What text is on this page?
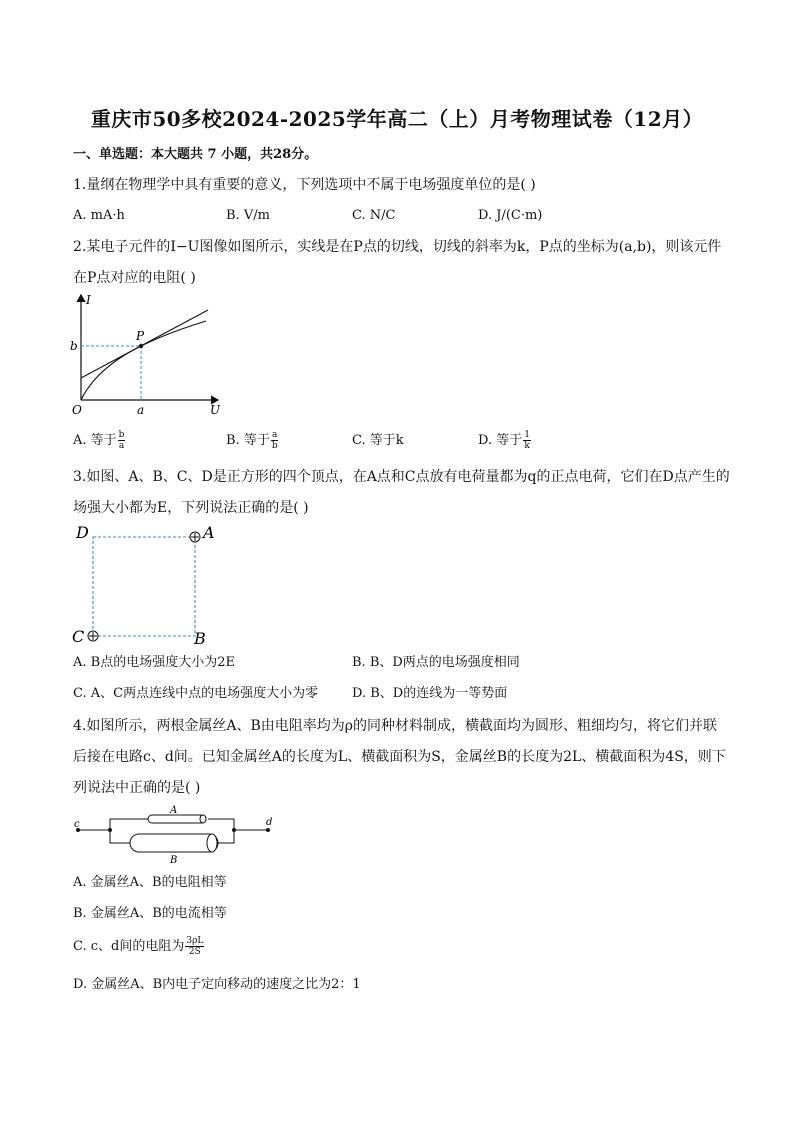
重庆市50多校2024-2025学年高二（上）月考物理试卷（12月）
一、单选题：本大题共 7 小题，共28分。
1.量纲在物理学中具有重要的意义，下列选项中不属于电场强度单位的是( )
A. mA·h	B. V/m	C. N/C	D. J/(C·m)
2.某电子元件的I−U图像如图所示，实线是在P点的切线，切线的斜率为k，P点的坐标为(a,b)，则该元件
在P点对应的电阻( )
I
P
b
O	a	U
A. 等于 $\frac{b}{a}$	B. 等于 $\frac{a}{b}$	C. 等于k	D. 等于 $\frac{1}{k}$
3.如图、A、B、C、D是正方形的四个顶点，在A点和C点放有电荷量都为q的正点电荷，它们在D点产生的
场强大小都为E，下列说法正确的是( )
D	A
C	B
A. B点的电场强度大小为2E	B. B、D两点的电场强度相同
C. A、C两点连线中点的电场强度大小为零	D. B、D的连线为一等势面
4.如图所示，两根金属丝A、B由电阻率均为ρ的同种材料制成，横截面均为圆形、粗细均匀，将它们并联
后接在电路c、d间。已知金属丝A的长度为L、横截面积为S，金属丝B的长度为2L、横截面积为4S，则下
列说法中正确的是( )
c	d
A
B
A. 金属丝A、B的电阻相等
B. 金属丝A、B的电流相等
C. c、d间的电阻为 $\frac{3\rho L}{2S}$
D. 金属丝A、B内电子定向移动的速度之比为2：1
